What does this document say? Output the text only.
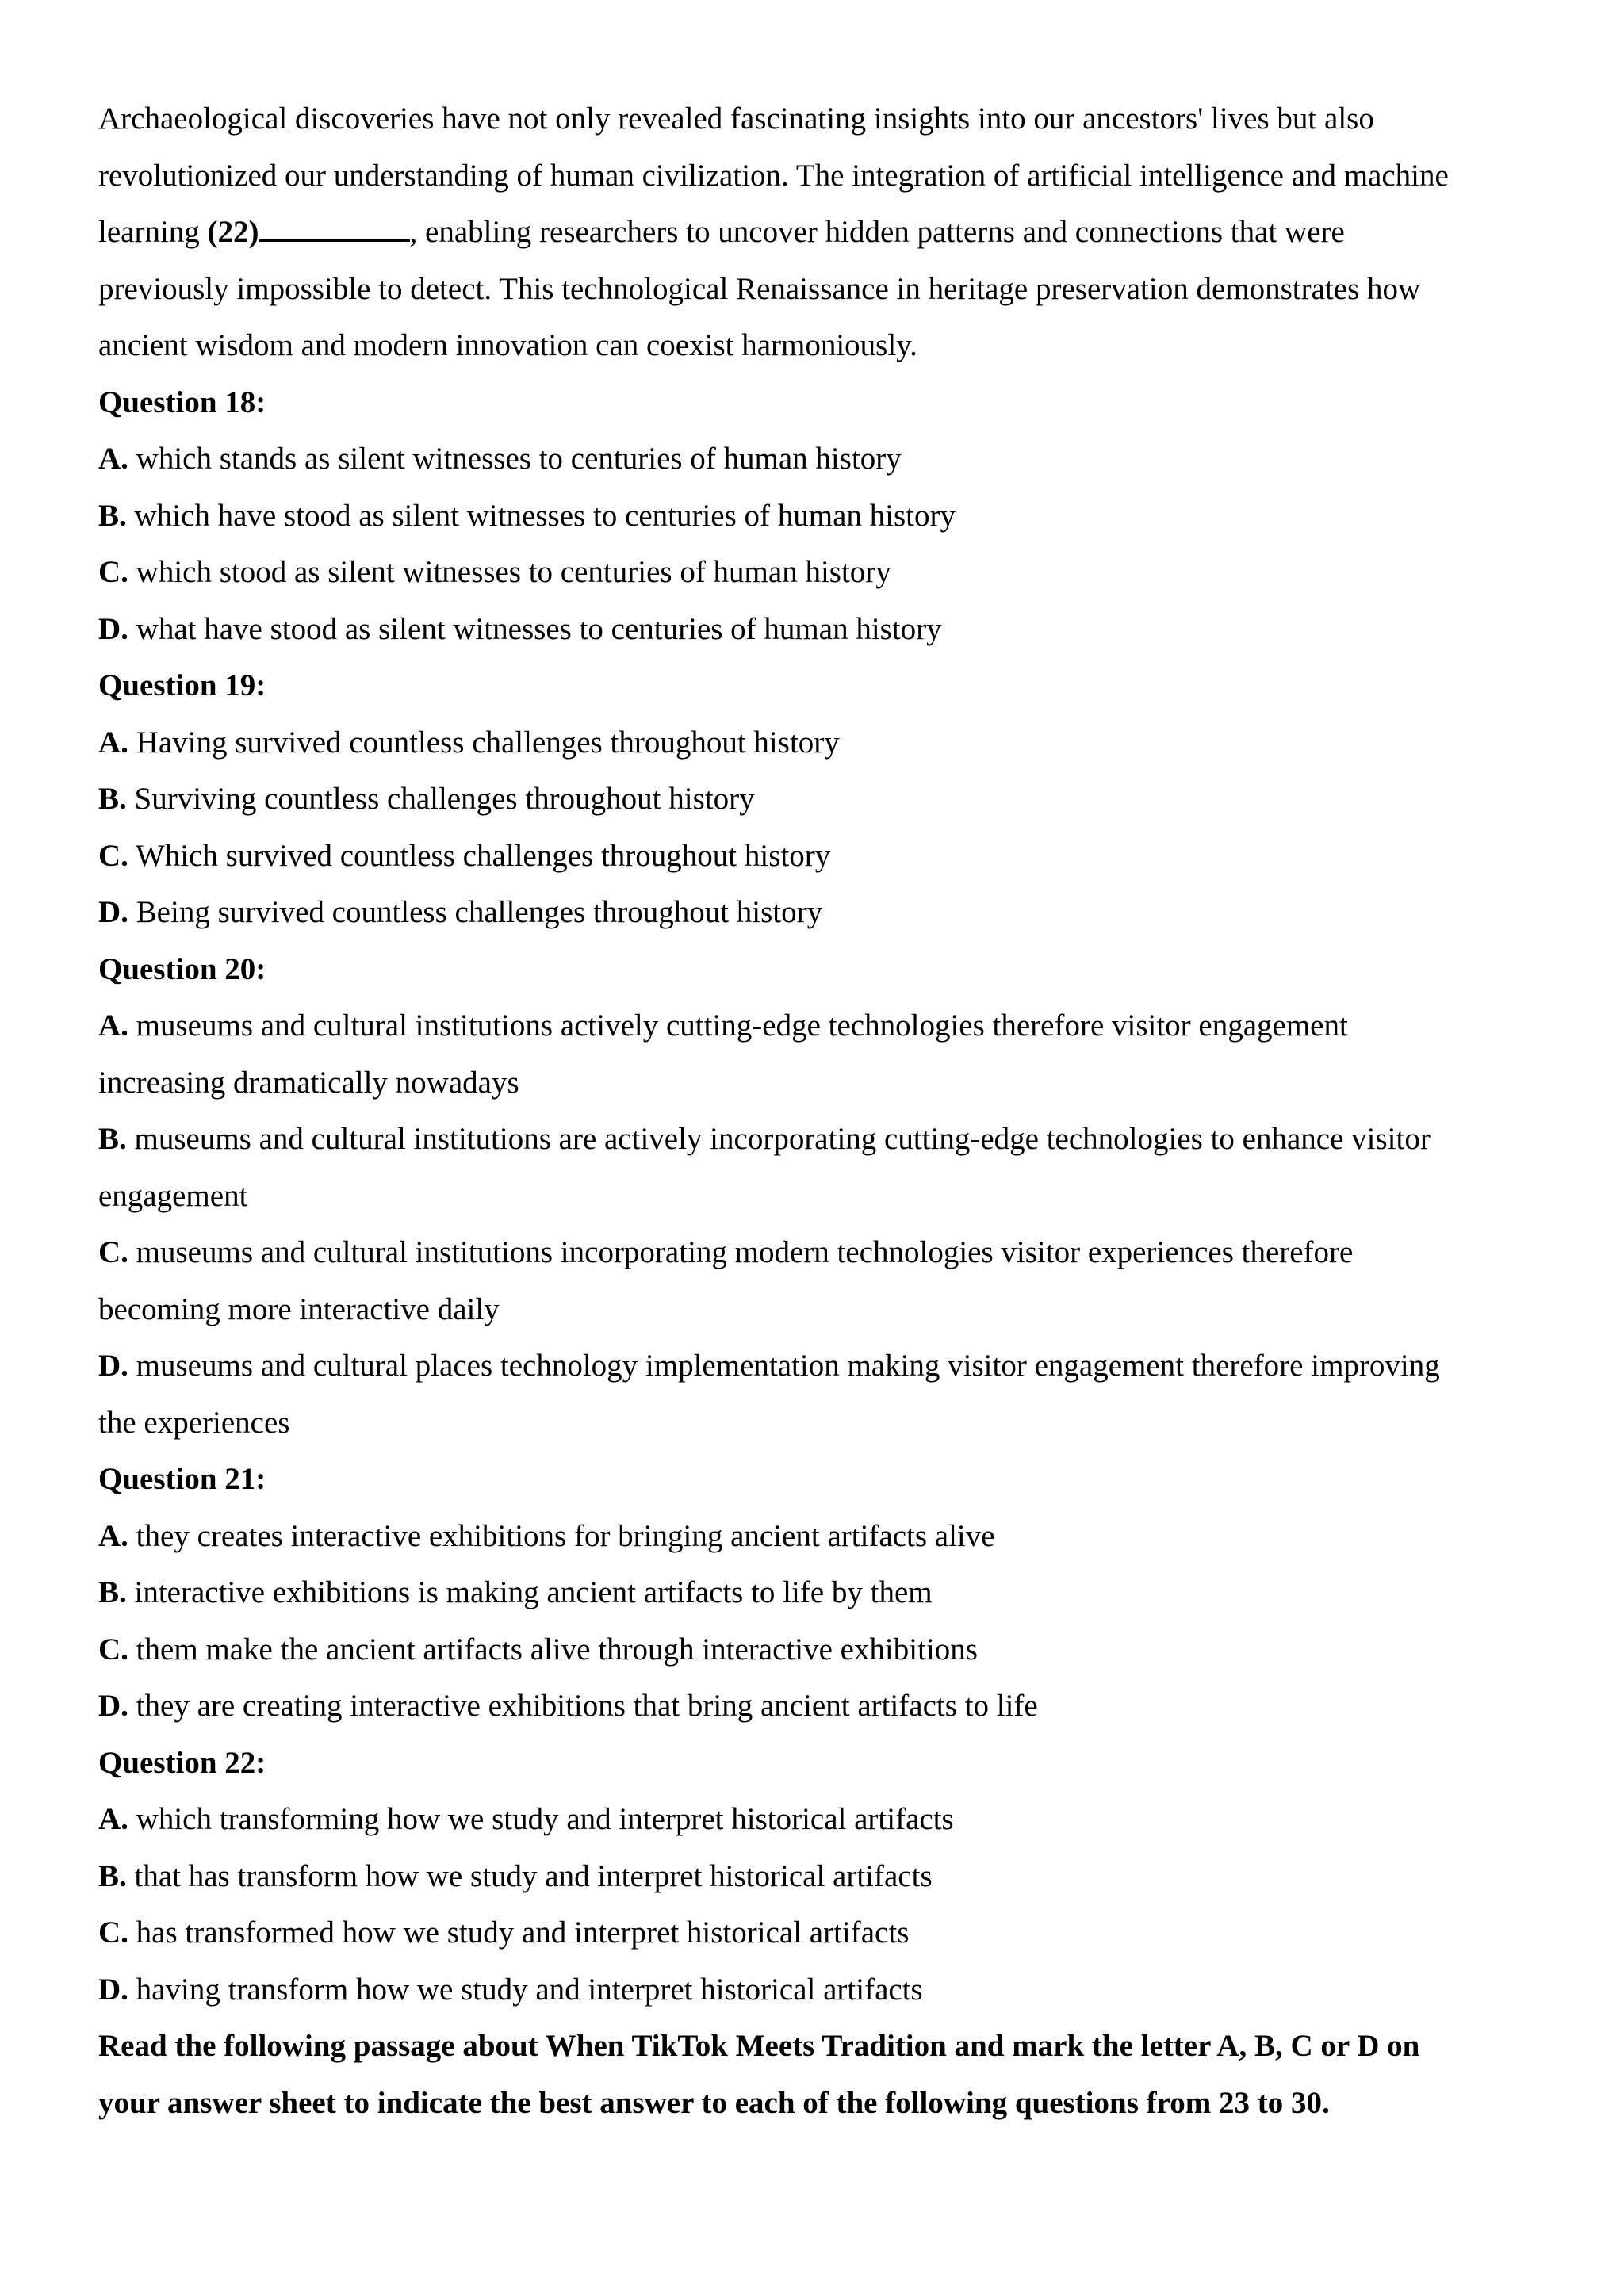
Archaeological discoveries have not only revealed fascinating insights into our ancestors' lives but also

revolutionized our understanding of human civilization. The integration of artificial intelligence and machine

learning (22)	, enabling researchers to uncover hidden patterns and connections that were

previously impossible to detect. This technological Renaissance in heritage preservation demonstrates how

ancient wisdom and modern innovation can coexist harmoniously.

Question 18:

A. which stands as silent witnesses to centuries of human history

B. which have stood as silent witnesses to centuries of human history

C. which stood as silent witnesses to centuries of human history

D. what have stood as silent witnesses to centuries of human history

Question 19:

A. Having survived countless challenges throughout history

B. Surviving countless challenges throughout history

C. Which survived countless challenges throughout history

D. Being survived countless challenges throughout history

Question 20:

A. museums and cultural institutions actively cutting-edge technologies therefore visitor engagement

increasing dramatically nowadays

B. museums and cultural institutions are actively incorporating cutting-edge technologies to enhance visitor

engagement

C. museums and cultural institutions incorporating modern technologies visitor experiences therefore

becoming more interactive daily

D. museums and cultural places technology implementation making visitor engagement therefore improving

the experiences

Question 21:

A. they creates interactive exhibitions for bringing ancient artifacts alive

B. interactive exhibitions is making ancient artifacts to life by them

C. them make the ancient artifacts alive through interactive exhibitions

D. they are creating interactive exhibitions that bring ancient artifacts to life

Question 22:

A. which transforming how we study and interpret historical artifacts

B. that has transform how we study and interpret historical artifacts

C. has transformed how we study and interpret historical artifacts

D. having transform how we study and interpret historical artifacts

Read the following passage about When TikTok Meets Tradition and mark the letter A, B, C or D on

your answer sheet to indicate the best answer to each of the following questions from 23 to 30.
